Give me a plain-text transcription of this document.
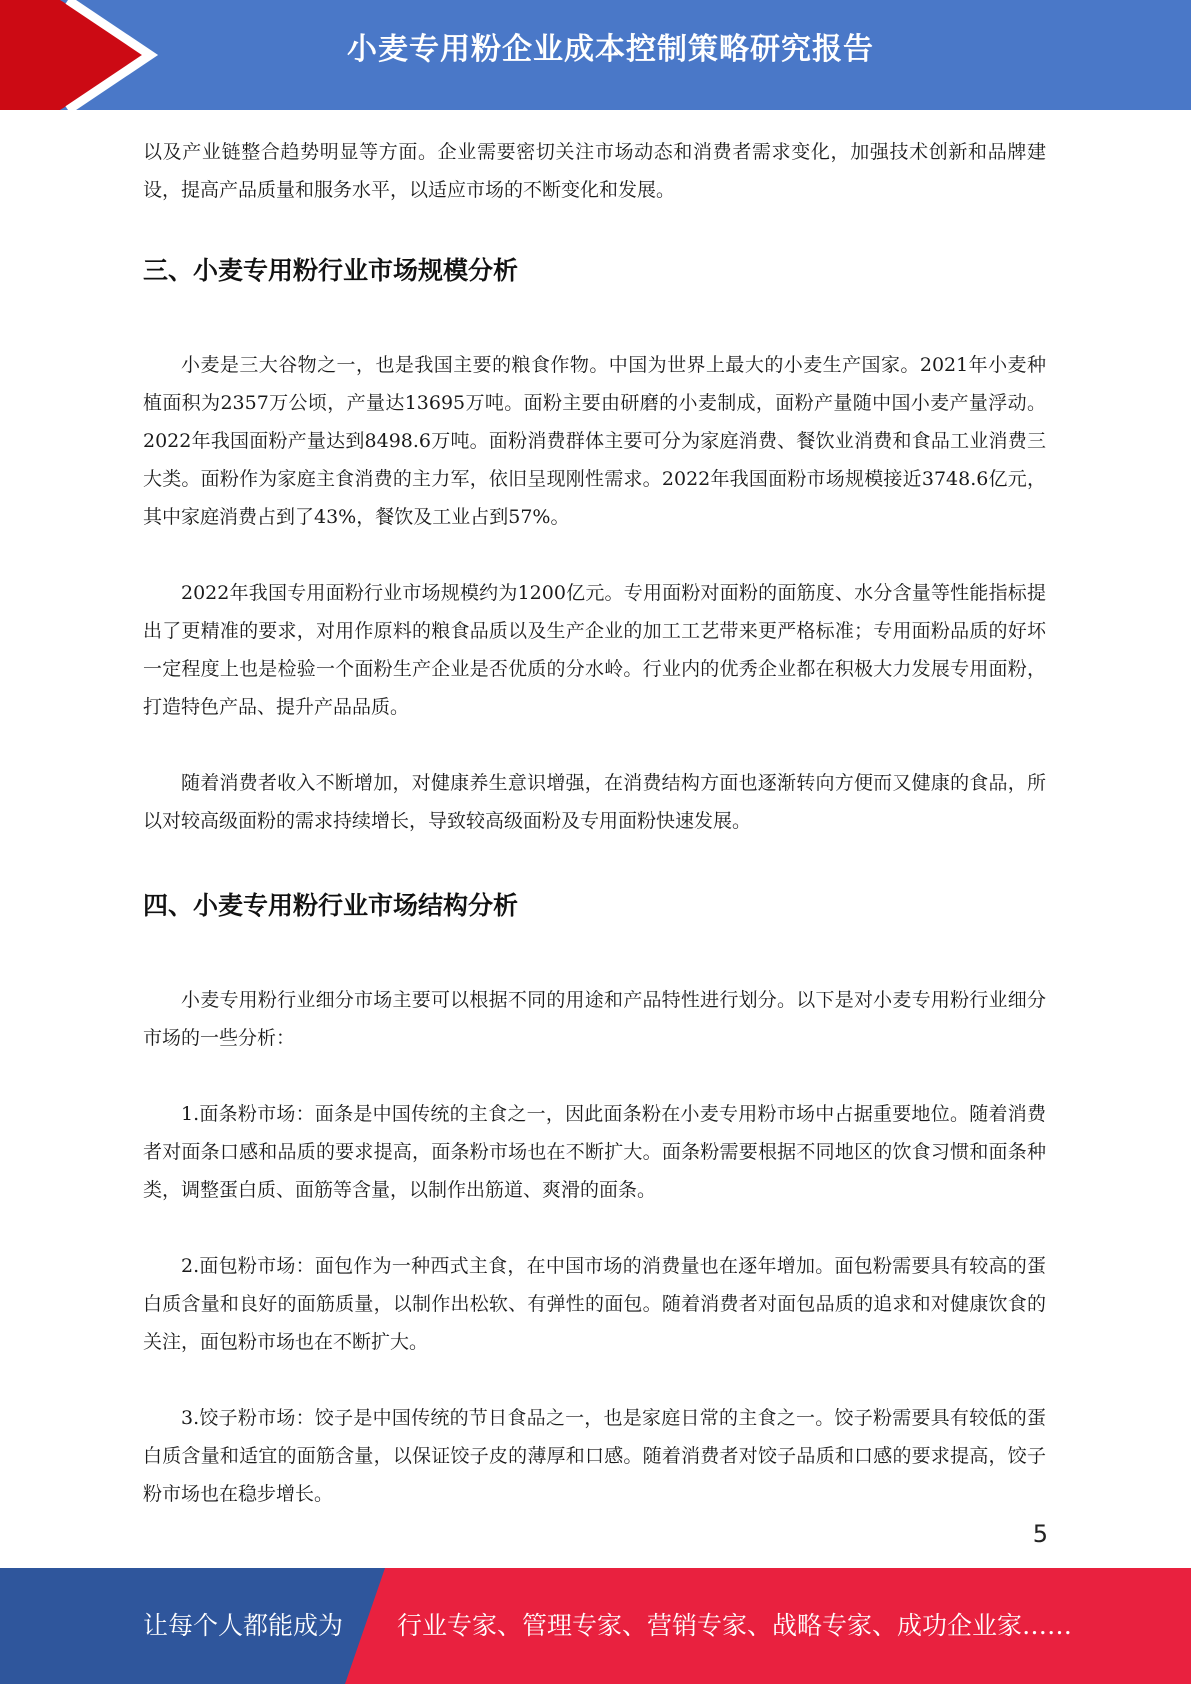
小麦专用粉企业成本控制策略研究报告

以及产业链整合趋势明显等方面。企业需要密切关注市场动态和消费者需求变化，加强技术创新和品牌建设，提高产品质量和服务水平，以适应市场的不断变化和发展。

三、小麦专用粉行业市场规模分析

小麦是三大谷物之一，也是我国主要的粮食作物。中国为世界上最大的小麦生产国家。2021年小麦种植面积为2357万公顷，产量达13695万吨。面粉主要由研磨的小麦制成，面粉产量随中国小麦产量浮动。2022年我国面粉产量达到8498.6万吨。面粉消费群体主要可分为家庭消费、餐饮业消费和食品工业消费三大类。面粉作为家庭主食消费的主力军，依旧呈现刚性需求。2022年我国面粉市场规模接近3748.6亿元，其中家庭消费占到了43%，餐饮及工业占到57%。

2022年我国专用面粉行业市场规模约为1200亿元。专用面粉对面粉的面筋度、水分含量等性能指标提出了更精准的要求，对用作原料的粮食品质以及生产企业的加工工艺带来更严格标准；专用面粉品质的好坏一定程度上也是检验一个面粉生产企业是否优质的分水岭。行业内的优秀企业都在积极大力发展专用面粉，打造特色产品、提升产品品质。

随着消费者收入不断增加，对健康养生意识增强，在消费结构方面也逐渐转向方便而又健康的食品，所以对较高级面粉的需求持续增长，导致较高级面粉及专用面粉快速发展。

四、小麦专用粉行业市场结构分析

小麦专用粉行业细分市场主要可以根据不同的用途和产品特性进行划分。以下是对小麦专用粉行业细分市场的一些分析：

1.面条粉市场：面条是中国传统的主食之一，因此面条粉在小麦专用粉市场中占据重要地位。随着消费者对面条口感和品质的要求提高，面条粉市场也在不断扩大。面条粉需要根据不同地区的饮食习惯和面条种类，调整蛋白质、面筋等含量，以制作出筋道、爽滑的面条。

2.面包粉市场：面包作为一种西式主食，在中国市场的消费量也在逐年增加。面包粉需要具有较高的蛋白质含量和良好的面筋质量，以制作出松软、有弹性的面包。随着消费者对面包品质的追求和对健康饮食的关注，面包粉市场也在不断扩大。

3.饺子粉市场：饺子是中国传统的节日食品之一，也是家庭日常的主食之一。饺子粉需要具有较低的蛋白质含量和适宜的面筋含量，以保证饺子皮的薄厚和口感。随着消费者对饺子品质和口感的要求提高，饺子粉市场也在稳步增长。

5
让每个人都能成为 行业专家、管理专家、营销专家、战略专家、成功企业家……
